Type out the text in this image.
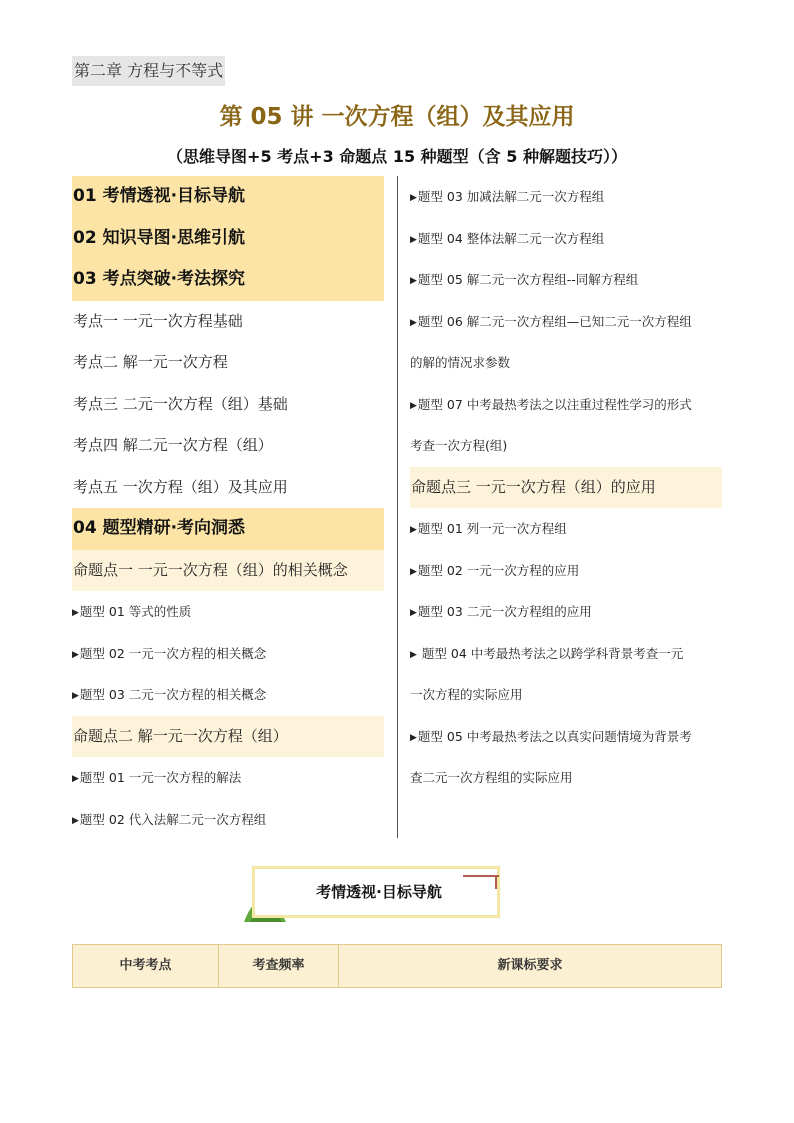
第二章 方程与不等式
第 05 讲 一次方程（组）及其应用
（思维导图+5 考点+3 命题点 15 种题型（含 5 种解题技巧））
01 考情透视·目标导航
02 知识导图·思维引航
03 考点突破·考法探究
考点一 一元一次方程基础
考点二 解一元一次方程
考点三 二元一次方程（组）基础
考点四 解二元一次方程（组）
考点五 一次方程（组）及其应用
04 题型精研·考向洞悉
命题点一 一元一次方程（组）的相关概念
▶题型 01 等式的性质
▶题型 02 一元一次方程的相关概念
▶题型 03 二元一次方程的相关概念
命题点二 解一元一次方程（组）
▶题型 01 一元一次方程的解法
▶题型 02 代入法解二元一次方程组
▶题型 03 加减法解二元一次方程组
▶题型 04 整体法解二元一次方程组
▶题型 05 解二元一次方程组--同解方程组
▶题型 06 解二元一次方程组—已知二元一次方程组
的解的情况求参数
▶题型 07 中考最热考法之以注重过程性学习的形式
考查一次方程(组)
命题点三 一元一次方程（组）的应用
▶题型 01 列一元一次方程组
▶题型 02 一元一次方程的应用
▶题型 03 二元一次方程组的应用
▶ 题型 04 中考最热考法之以跨学科背景考查一元
一次方程的实际应用
▶题型 05 中考最热考法之以真实问题情境为背景考
查二元一次方程组的实际应用
考情透视·目标导航
中考考点	考查频率	新课标要求
